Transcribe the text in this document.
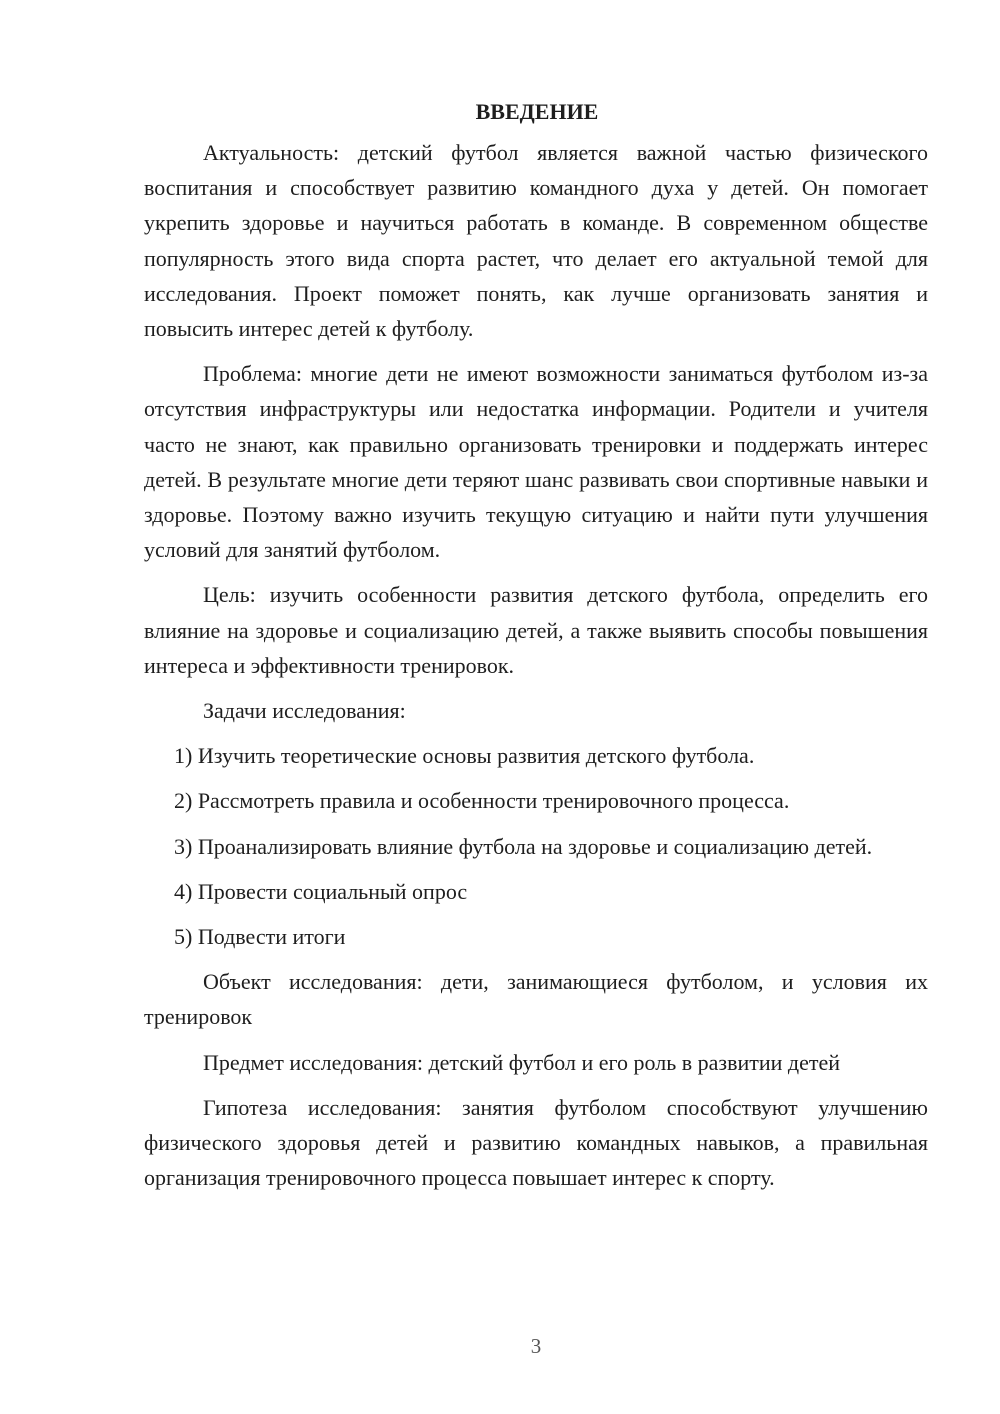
ВВЕДЕНИЕ

Актуальность: детский футбол является важной частью физического воспитания и способствует развитию командного духа у детей. Он помогает укрепить здоровье и научиться работать в команде. В современном обществе популярность этого вида спорта растет, что делает его актуальной темой для исследования. Проект поможет понять, как лучше организовать занятия и повысить интерес детей к футболу.

Проблема: многие дети не имеют возможности заниматься футболом из-за отсутствия инфраструктуры или недостатка информации. Родители и учителя часто не знают, как правильно организовать тренировки и поддержать интерес детей. В результате многие дети теряют шанс развивать свои спортивные навыки и здоровье. Поэтому важно изучить текущую ситуацию и найти пути улучшения условий для занятий футболом.

Цель: изучить особенности развития детского футбола, определить его влияние на здоровье и социализацию детей, а также выявить способы повышения интереса и эффективности тренировок.

Задачи исследования:

1) Изучить теоретические основы развития детского футбола.

2) Рассмотреть правила и особенности тренировочного процесса.

3) Проанализировать влияние футбола на здоровье и социализацию детей.

4) Провести социальный опрос

5) Подвести итоги

Объект исследования: дети, занимающиеся футболом, и условия их тренировок

Предмет исследования: детский футбол и его роль в развитии детей

Гипотеза исследования: занятия футболом способствуют улучшению физического здоровья детей и развитию командных навыков, а правильная организация тренировочного процесса повышает интерес к спорту.

3
